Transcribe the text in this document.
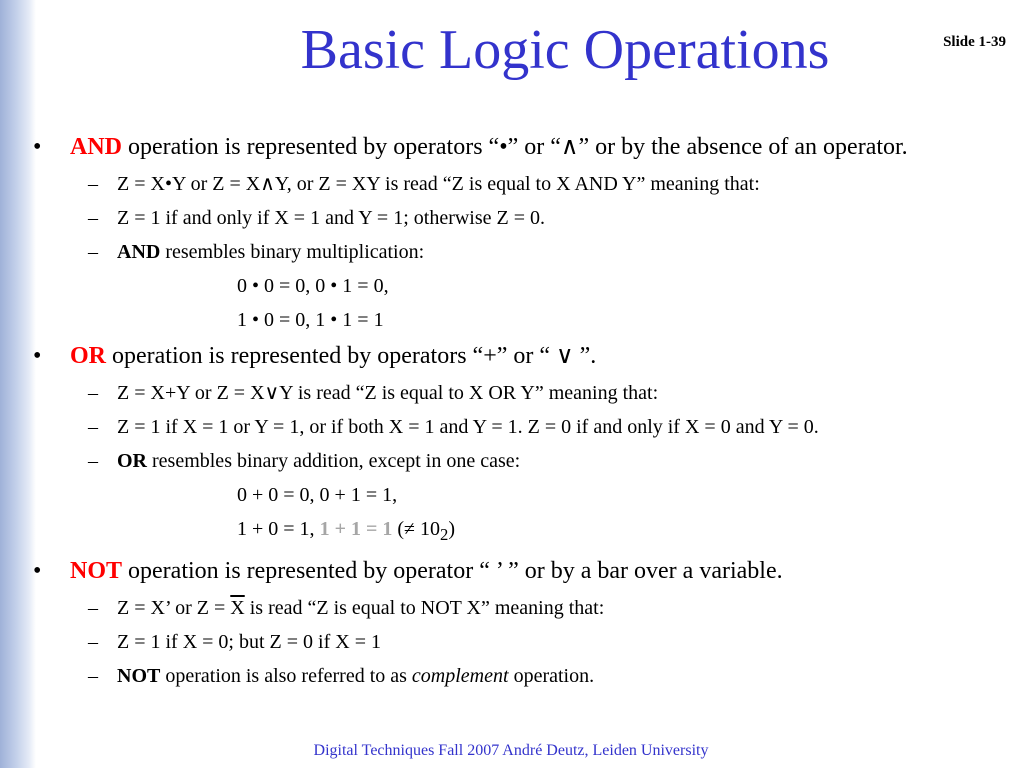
Basic Logic Operations	Slide 1-39
• AND operation is represented by operators “•” or “∧” or by the absence of an operator.
– Z = X•Y or Z = X∧Y, or Z = XY is read “Z is equal to X AND Y” meaning that:
– Z = 1 if and only if X = 1 and Y = 1; otherwise Z = 0.
– AND resembles binary multiplication:
0 • 0 = 0, 0 • 1 = 0,
1 • 0 = 0, 1 • 1 = 1
• OR operation is represented by operators “+” or “ ∨ ”.
– Z = X+Y or Z = X∨Y is read “Z is equal to X OR Y” meaning that:
– Z = 1 if X = 1 or Y = 1, or if both X = 1 and Y = 1. Z = 0 if and only if X = 0 and Y = 0.
– OR resembles binary addition, except in one case:
0 + 0 = 0, 0 + 1 = 1,
1 + 0 = 1, 1 + 1 = 1 (≠ $10_2$)
• NOT operation is represented by operator “ ’ ” or by a bar over a variable.
– Z = X’ or $Z = \overline{X}$ is read “Z is equal to NOT X” meaning that:
– Z = 1 if X = 0; but Z = 0 if X = 1
– NOT operation is also referred to as complement operation.
Digital Techniques Fall 2007 André Deutz, Leiden University
